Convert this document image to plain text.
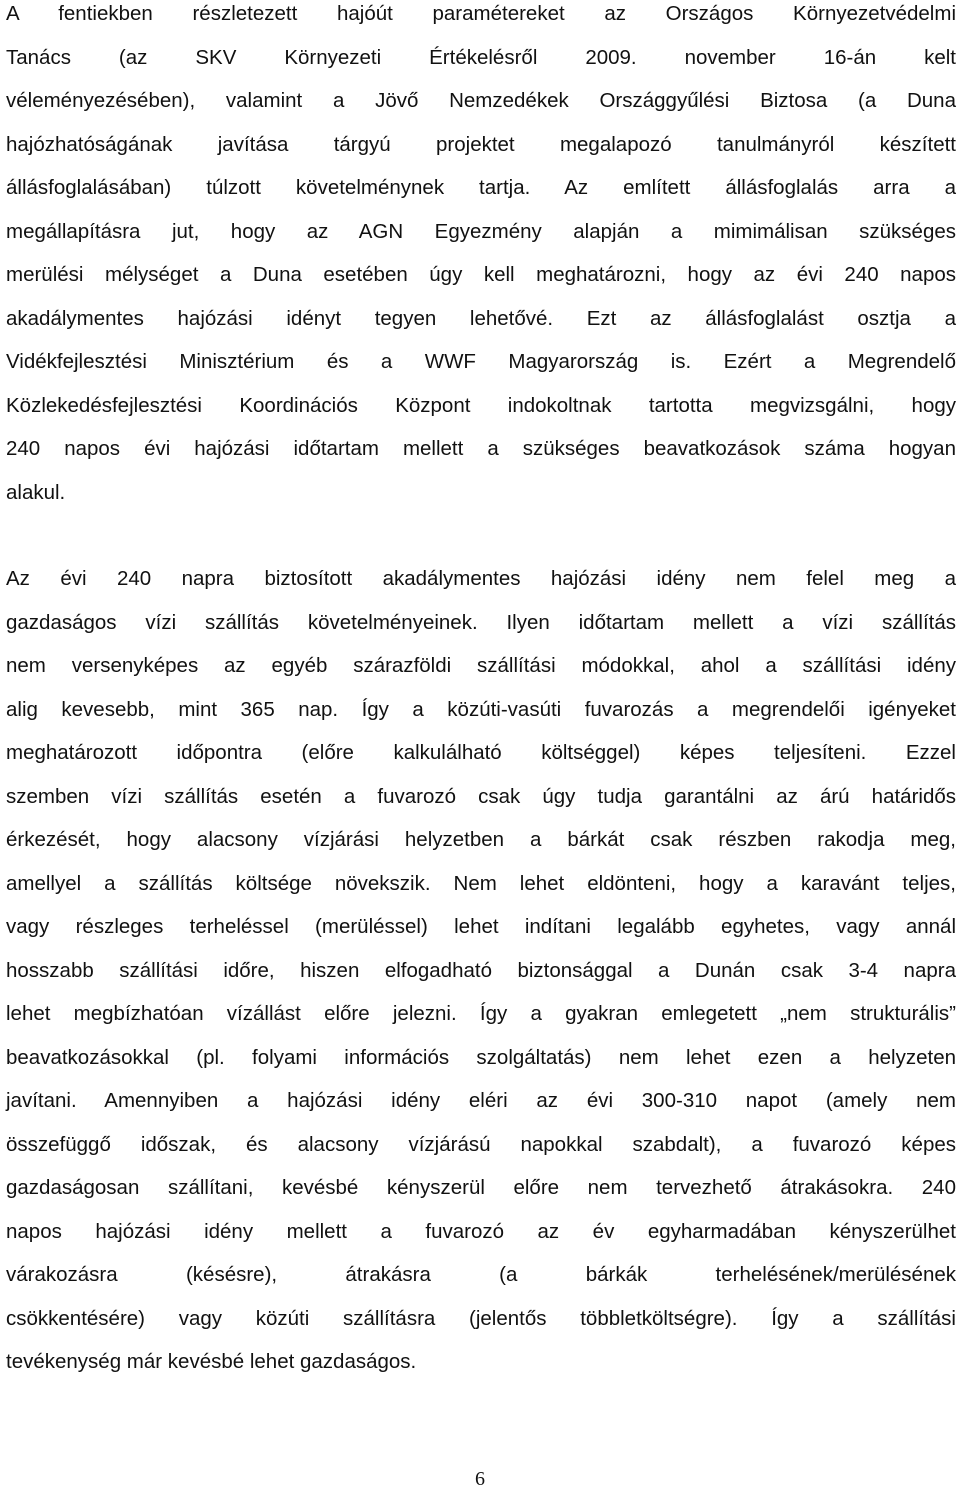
A fentiekben részletezett hajóút paramétereket az Országos Környezetvédelmi
Tanács (az SKV Környezeti Értékelésről 2009. november 16-án kelt
véleményezésében), valamint a Jövő Nemzedékek Országgyűlési Biztosa (a Duna
hajózhatóságának javítása tárgyú projektet megalapozó tanulmányról készített
állásfoglalásában) túlzott követelménynek tartja. Az említett állásfoglalás arra a
megállapításra jut, hogy az AGN Egyezmény alapján a mimimálisan szükséges
merülési mélységet a Duna esetében úgy kell meghatározni, hogy az évi 240 napos
akadálymentes hajózási idényt tegyen lehetővé. Ezt az állásfoglalást osztja a
Vidékfejlesztési Minisztérium és a WWF Magyarország is. Ezért a Megrendelő
Közlekedésfejlesztési Koordinációs Központ indokoltnak tartotta megvizsgálni, hogy
240 napos évi hajózási időtartam mellett a szükséges beavatkozások száma hogyan
alakul.
Az évi 240 napra biztosított akadálymentes hajózási idény nem felel meg a
gazdaságos vízi szállítás követelményeinek. Ilyen időtartam mellett a vízi szállítás
nem versenyképes az egyéb szárazföldi szállítási módokkal, ahol a szállítási idény
alig kevesebb, mint 365 nap. Így a közúti-vasúti fuvarozás a megrendelői igényeket
meghatározott időpontra (előre kalkulálható költséggel) képes teljesíteni. Ezzel
szemben vízi szállítás esetén a fuvarozó csak úgy tudja garantálni az árú határidős
érkezését, hogy alacsony vízjárási helyzetben a bárkát csak részben rakodja meg,
amellyel a szállítás költsége növekszik. Nem lehet eldönteni, hogy a karavánt teljes,
vagy részleges terheléssel (merüléssel) lehet indítani legalább egyhetes, vagy annál
hosszabb szállítási időre, hiszen elfogadható biztonsággal a Dunán csak 3-4 napra
lehet megbízhatóan vízállást előre jelezni. Így a gyakran emlegetett „nem strukturális”
beavatkozásokkal (pl. folyami információs szolgáltatás) nem lehet ezen a helyzeten
javítani. Amennyiben a hajózási idény eléri az évi 300-310 napot (amely nem
összefüggő időszak, és alacsony vízjárású napokkal szabdalt), a fuvarozó képes
gazdaságosan szállítani, kevésbé kényszerül előre nem tervezhető átrakásokra. 240
napos hajózási idény mellett a fuvarozó az év egyharmadában kényszerülhet
várakozásra (késésre), átrakásra (a bárkák terhelésének/merülésének
csökkentésére) vagy közúti szállításra (jelentős többletköltségre). Így a szállítási
tevékenység már kevésbé lehet gazdaságos.
6
